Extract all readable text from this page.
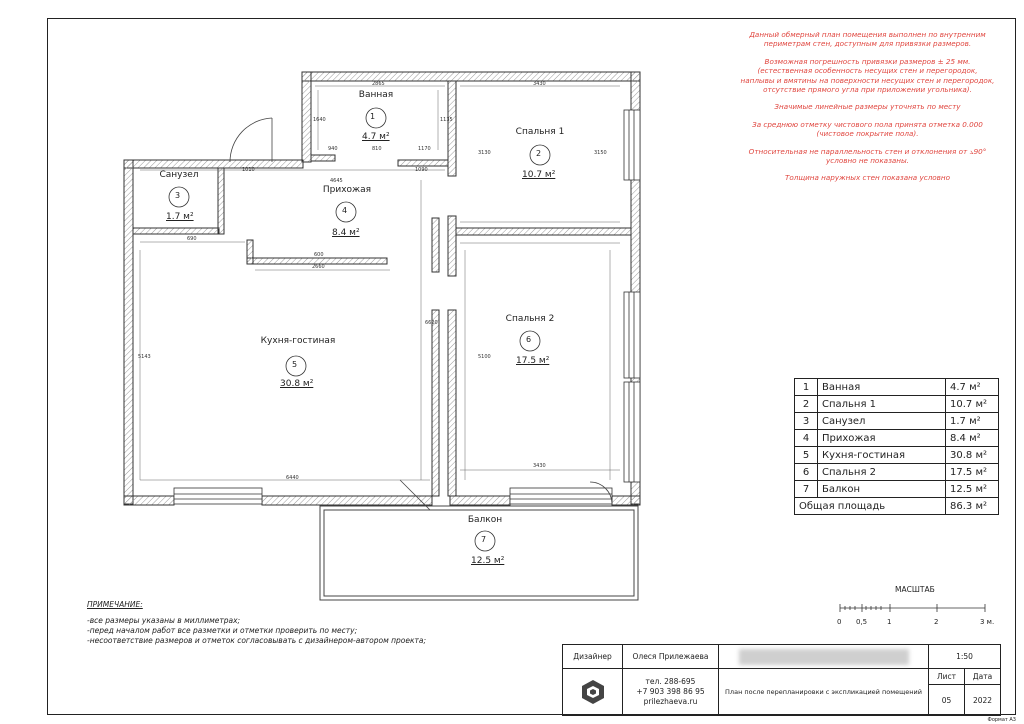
Ванная
1
4.7 м²	Спальня 1
2
10.7 м²
Санузел
3
1.7 м²
Прихожая
4
8.4 м²
Кухня-гостиная
5
30.8 м²
Спальня 2
6
17.5 м²
Балкон
7
12.5 м²
2865	3430
1640	1135
940	810	1170
1090
3130	3150
4645
1010
690
600
2660
6620
5100
5143
6440
3430

Данный обмерный план помещения выполнен по внутренним периметрам стен, доступным для привязки размеров.

Возможная погрешность привязки размеров ± 25 мм. (естественная особенность несущих стен и перегородок, наплывы и вмятины на поверхности несущих стен и перегородок, отсутствие прямого угла при приложении угольника).

Значимые линейные размеры уточнять по месту

За среднюю отметку чистового пола принята отметка 0.000 (чистовое покрытие пола).

Относительная не параллельность стен и отклонения от ⦣90° условно не показаны.

Толщина наружных стен показана условно

1	Ванная	4.7 м²
2	Спальня 1	10.7 м²
3	Санузел	1.7 м²
4	Прихожая	8.4 м²
5	Кухня-гостиная	30.8 м²
6	Спальня 2	17.5 м²
7	Балкон	12.5 м²
Общая площадь		86.3 м²
МАСШТАБ
0 0,5	1	2	3 м.
ПРИМЕЧАНИЕ:
-все размеры указаны в миллиметрах;
-перед началом работ все разметки и отметки проверить по месту;
-несоответствие размеров и отметок согласовывать с дизайнером-автором проекта;
Дизайнер	Олеся Прилежаева	1:50
тел. 288-695
+7 903 398 86 95
prilezhaeva.ru
План после перепланировки с экспликацией помещений
Лист	Дата
05	2022
Формат А3
